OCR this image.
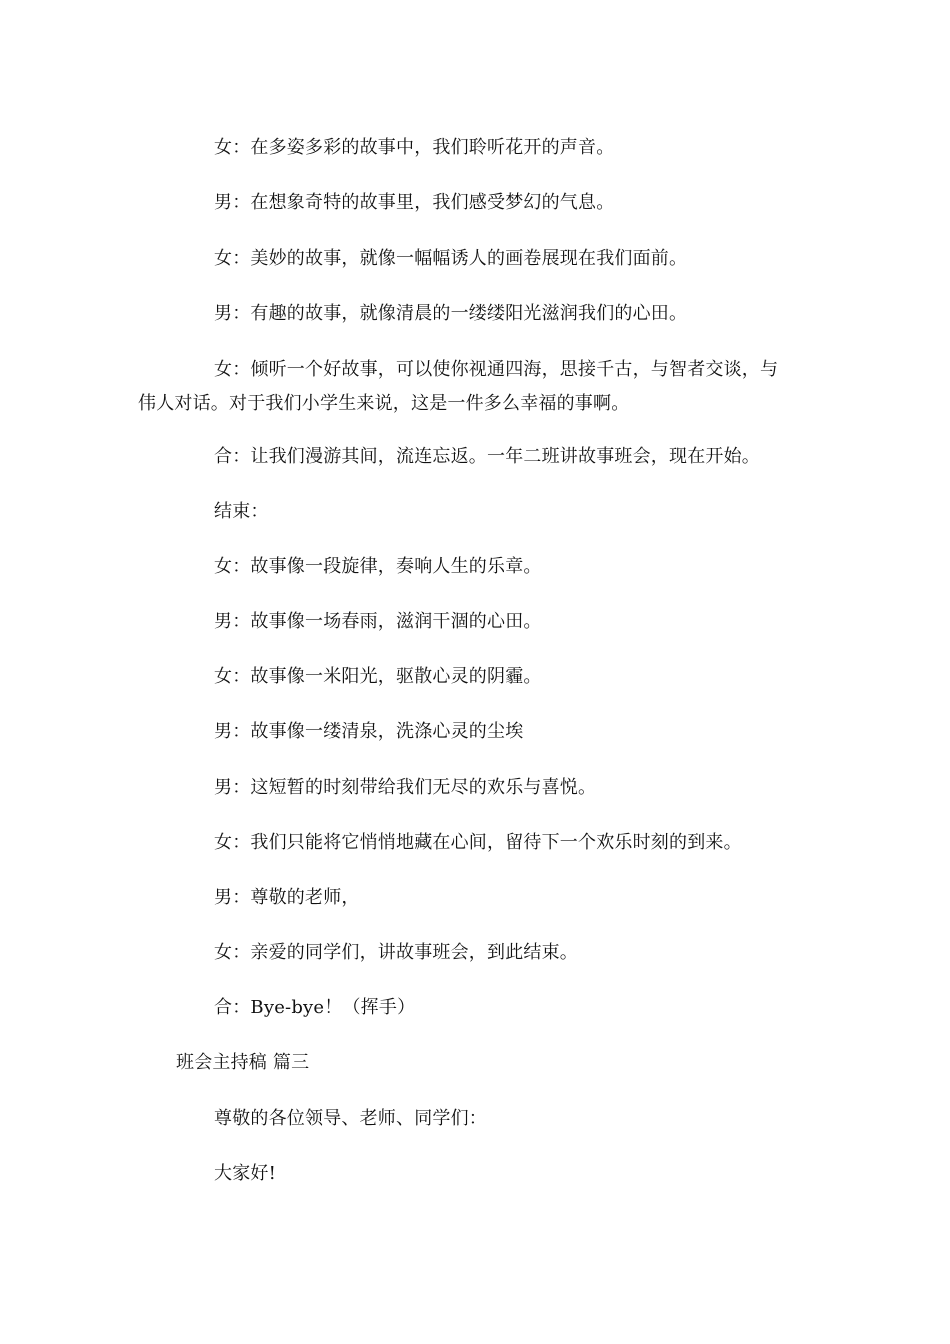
女：在多姿多彩的故事中，我们聆听花开的声音。
男：在想象奇特的故事里，我们感受梦幻的气息。
女：美妙的故事，就像一幅幅诱人的画卷展现在我们面前。
男：有趣的故事，就像清晨的一缕缕阳光滋润我们的心田。
女：倾听一个好故事，可以使你视通四海，思接千古，与智者交谈，与
伟人对话。对于我们小学生来说，这是一件多么幸福的事啊。
合：让我们漫游其间，流连忘返。一年二班讲故事班会，现在开始。
结束：
女：故事像一段旋律，奏响人生的乐章。
男：故事像一场春雨，滋润干涸的心田。
女：故事像一米阳光，驱散心灵的阴霾。
男：故事像一缕清泉，洗涤心灵的尘埃
男：这短暂的时刻带给我们无尽的欢乐与喜悦。
女：我们只能将它悄悄地藏在心间，留待下一个欢乐时刻的到来。
男：尊敬的老师，
女：亲爱的同学们，讲故事班会，到此结束。
合：Bye-bye！（挥手）
班会主持稿 篇三
尊敬的各位领导、老师、同学们：
大家好!
